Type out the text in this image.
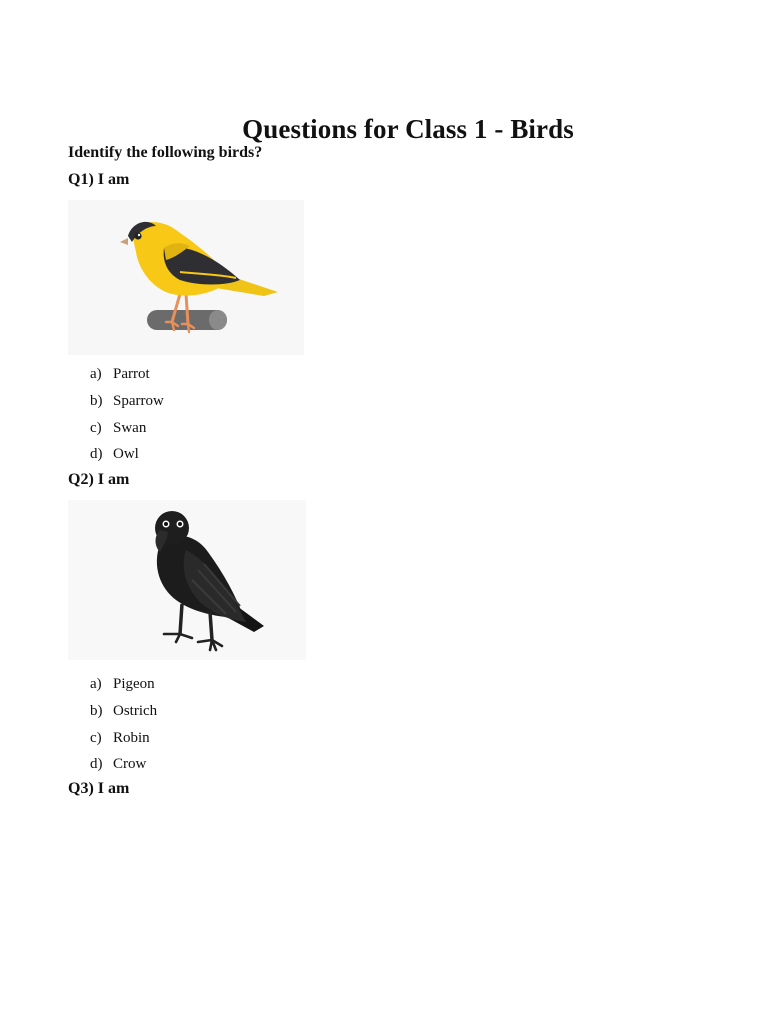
Questions for Class 1 - Birds
Identify the following birds?
Q1) I am
a) Parrot
b) Sparrow
c) Swan
d) Owl
Q2) I am
a) Pigeon
b) Ostrich
c) Robin
d) Crow
Q3) I am
